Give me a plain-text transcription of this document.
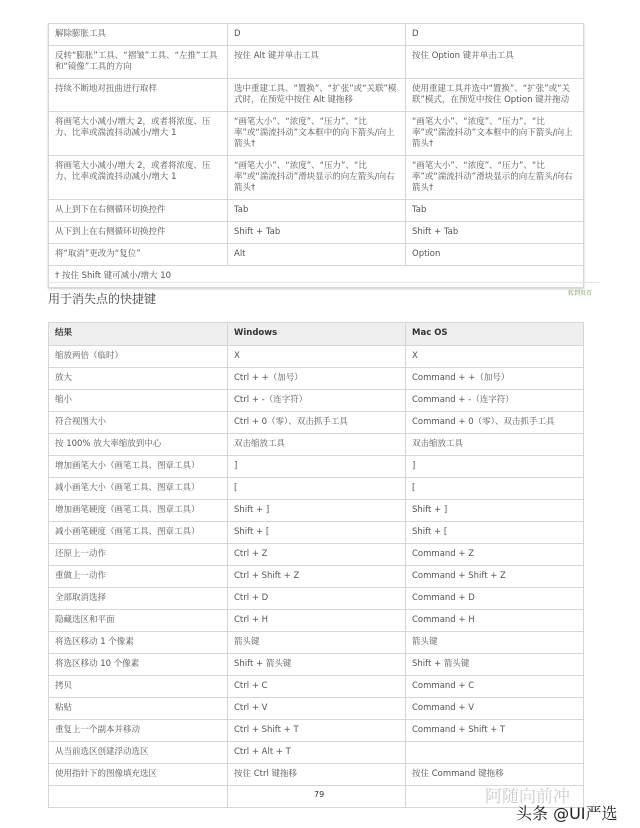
解除膨胀工具	D	D
反转“膨胀”工具、“褶皱”工具、“左推”工具和“镜像”工具的方向	按住 Alt 键并单击工具	按住 Option 键并单击工具
持续不断地对扭曲进行取样	选中重建工具、“置换”、“扩张”或“关联”模式时，在预览中按住 Alt 键拖移	使用重建工具并选中“置换”、“扩张”或“关联”模式，在预览中按住 Option 键并拖动
将画笔大小减小/增大 2，或者将浓度、压力、比率或湍流抖动减小/增大 1	“画笔大小”、“浓度”、“压力”、“比率”或“湍流抖动”文本框中的向下箭头/向上箭头†	“画笔大小”、“浓度”、“压力”、“比率”或“湍流抖动”文本框中的向下箭头/向上箭头†
将画笔大小减小/增大 2，或者将浓度、压力、比率或湍流抖动减小/增大 1	“画笔大小”、“浓度”、“压力”、“比率”或“湍流抖动”滑块显示的向左箭头/向右箭头†	“画笔大小”、“浓度”、“压力”、“比率”或“湍流抖动”滑块显示的向左箭头/向右箭头†
从上到下在右侧循环切换控件	Tab	Tab
从下到上在右侧循环切换控件	Shift + Tab	Shift + Tab
将“取消”更改为“复位”	Alt	Option
† 按住 Shift 键可减小/增大 10		
用于消失点的快捷键	转到页首
结果	Windows	Mac OS
缩放两倍（临时）	X	X
放大	Ctrl + +（加号）	Command + +（加号）
缩小	Ctrl + -（连字符）	Command + -（连字符）
符合视图大小	Ctrl + 0（零）、双击抓手工具	Command + 0（零）、双击抓手工具
按 100% 放大率缩放到中心	双击缩放工具	双击缩放工具
增加画笔大小（画笔工具、图章工具）	]	]
减小画笔大小（画笔工具、图章工具）	[	[
增加画笔硬度（画笔工具、图章工具）	Shift + ]	Shift + ]
减小画笔硬度（画笔工具、图章工具）	Shift + [	Shift + [
还原上一动作	Ctrl + Z	Command + Z
重做上一动作	Ctrl + Shift + Z	Command + Shift + Z
全部取消选择	Ctrl + D	Command + D
隐藏选区和平面	Ctrl + H	Command + H
将选区移动 1 个像素	箭头键	箭头键
将选区移动 10 个像素	Shift + 箭头键	Shift + 箭头键
拷贝	Ctrl + C	Command + C
粘贴	Ctrl + V	Command + V
重复上一个副本并移动	Ctrl + Shift + T	Command + Shift + T
从当前选区创建浮动选区	Ctrl + Alt + T	
使用指针下的图像填充选区	按住 Ctrl 键拖移	按住 Command 键拖移

79	阿随向前冲
头条 @UI严选
